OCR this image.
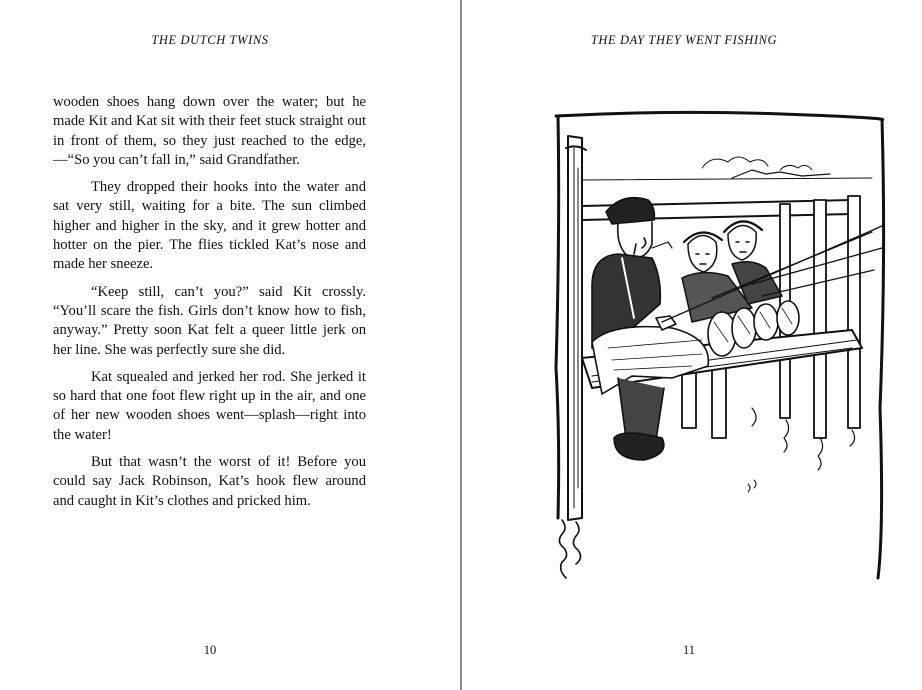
THE DUTCH TWINS

wooden shoes hang down over the water; but he made Kit and Kat sit with their feet stuck straight out in front of them, so they just reached to the edge,—“So you can’t fall in,” said Grandfather.

They dropped their hooks into the water and sat very still, waiting for a bite. The sun climbed higher and higher in the sky, and it grew hotter and hotter on the pier. The flies tickled Kat’s nose and made her sneeze.

“Keep still, can’t you?” said Kit crossly. “You’ll scare the fish. Girls don’t know how to fish, anyway.” Pretty soon Kat felt a queer little jerk on her line. She was perfectly sure she did.

Kat squealed and jerked her rod. She jerked it so hard that one foot flew right up in the air, and one of her new wooden shoes went—splash—right into the water!

But that wasn’t the worst of it! Before you could say Jack Robinson, Kat’s hook flew around and caught in Kit’s clothes and pricked him.

10
THE DAY THEY WENT FISHING
11
